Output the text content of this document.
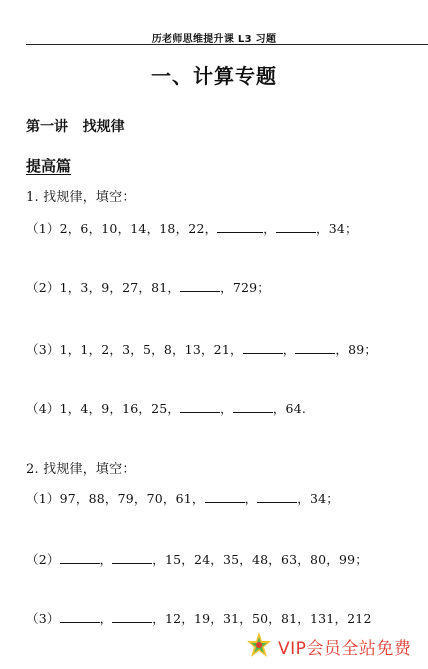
历老师思维提升课 L3 习题
一、计算专题
第一讲   找规律
提高篇
1. 找规律，填空：
（1）2，6，10，14，18，22，	，	，34；
（2）1，3，9，27，81，	，729；
（3）1，1，2，3，5，8，13，21，	，	，89；
（4）1，4，9，16，25，	，	，64.
2. 找规律，填空：
（1）97，88，79，70，61，	，	，34；
（2）	，	，15，24，35，48，63，80，99；
（3）	，	，12，19，31，50，81，131，212
VIP会员全站免费
